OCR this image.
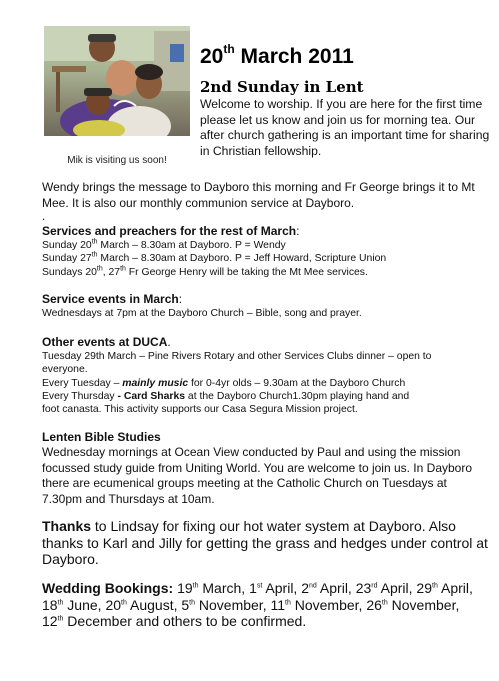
Mik is visiting us soon!
20th March 2011
2nd Sunday in Lent

Welcome to worship. If you are here for the first time please let us know and join us for morning tea. Our after church gathering is an important time for sharing in Christian fellowship.

Wendy brings the message to Dayboro this morning and Fr George brings it to Mt Mee. It is also our monthly communion service at Dayboro.

.

Services and preachers for the rest of March:

Sunday 20th March – 8.30am at Dayboro. P = Wendy
Sunday 27th March – 8.30am at Dayboro. P = Jeff Howard, Scripture Union
Sundays 20th, 27th Fr George Henry will be taking the Mt Mee services.

Service events in March:

Wednesdays at 7pm at the Dayboro Church – Bible, song and prayer.

Other events at DUCA.

Tuesday 29th March – Pine Rivers Rotary and other Services Clubs dinner – open to
everyone.
Every Tuesday – mainly music for 0-4yr olds – 9.30am at the Dayboro Church
Every Thursday - Card Sharks at the Dayboro Church1.30pm playing hand and
foot canasta. This activity supports our Casa Segura Mission project.

Lenten Bible Studies

Wednesday mornings at Ocean View conducted by Paul and using the mission focussed study guide from Uniting World. You are welcome to join us. In Dayboro there are ecumenical groups meeting at the Catholic Church on Tuesdays at 7.30pm and Thursdays at 10am.

Thanks to Lindsay for fixing our hot water system at Dayboro. Also thanks to Karl and Jilly for getting the grass and hedges under control at Dayboro.

Wedding Bookings: 19th March, 1st April, 2nd April, 23rd April, 29th April,
18th June, 20th August, 5th November, 11th November, 26th November,
12th December and others to be confirmed.
